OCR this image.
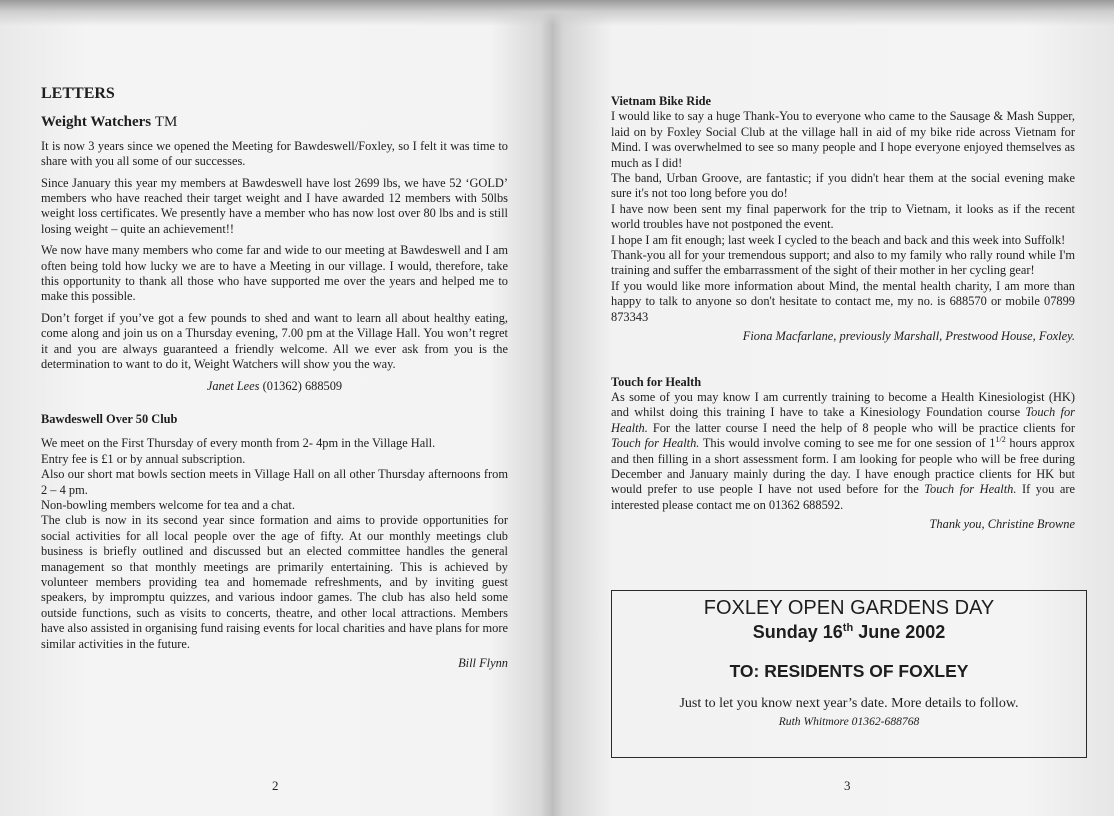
LETTERS
Weight Watchers TM

It is now 3 years since we opened the Meeting for Bawdeswell/Foxley, so I felt it was time to share with you all some of our successes.

Since January this year my members at Bawdeswell have lost 2699 lbs, we have 52 ‘GOLD’ members who have reached their target weight and I have awarded 12 members with 50lbs weight loss certificates. We presently have a member who has now lost over 80 lbs and is still losing weight – quite an achievement!!

We now have many members who come far and wide to our meeting at Bawdeswell and I am often being told how lucky we are to have a Meeting in our village. I would, therefore, take this opportunity to thank all those who have supported me over the years and helped me to make this possible.

Don’t forget if you’ve got a few pounds to shed and want to learn all about healthy eating, come along and join us on a Thursday evening, 7.00 pm at the Village Hall. You won’t regret it and you are always guaranteed a friendly welcome. All we ever ask from you is the determination to want to do it, Weight Watchers will show you the way.

Janet Lees (01362) 688509
Bawdeswell Over 50 Club
We meet on the First Thursday of every month from 2- 4pm in the Village Hall.
Entry fee is £1 or by annual subscription.
Also our short mat bowls section meets in Village Hall on all other Thursday afternoons from 2 – 4 pm.
Non-bowling members welcome for tea and a chat.
The club is now in its second year since formation and aims to provide opportunities for social activities for all local people over the age of fifty. At our monthly meetings club business is briefly outlined and discussed but an elected committee handles the general management so that monthly meetings are primarily entertaining. This is achieved by volunteer members providing tea and homemade refreshments, and by inviting guest speakers, by impromptu quizzes, and various indoor games. The club has also held some outside functions, such as visits to concerts, theatre, and other local attractions. Members have also assisted in organising fund raising events for local charities and have plans for more similar activities in the future.
Bill Flynn
2
Vietnam Bike Ride
I would like to say a huge Thank-You to everyone who came to the Sausage & Mash Supper, laid on by Foxley Social Club at the village hall in aid of my bike ride across Vietnam for Mind. I was overwhelmed to see so many people and I hope everyone enjoyed themselves as much as I did!
The band, Urban Groove, are fantastic; if you didn't hear them at the social evening make sure it's not too long before you do!
I have now been sent my final paperwork for the trip to Vietnam, it looks as if the recent world troubles have not postponed the event.
I hope I am fit enough; last week I cycled to the beach and back and this week into Suffolk!
Thank-you all for your tremendous support; and also to my family who rally round while I'm training and suffer the embarrassment of the sight of their mother in her cycling gear!
If you would like more information about Mind, the mental health charity, I am more than happy to talk to anyone so don't hesitate to contact me, my no. is 688570 or mobile 07899 873343
Fiona Macfarlane, previously Marshall, Prestwood House, Foxley.
Touch for Health
As some of you may know I am currently training to become a Health Kinesiologist (HK) and whilst doing this training I have to take a Kinesiology Foundation course Touch for Health. For the latter course I need the help of 8 people who will be practice clients for Touch for Health. This would involve coming to see me for one session of $1^{1/2}$ hours approx and then filling in a short assessment form. I am looking for people who will be free during December and January mainly during the day. I have enough practice clients for HK but would prefer to use people I have not used before for the Touch for Health. If you are interested please contact me on 01362 688592.
Thank you, Christine Browne
FOXLEY OPEN GARDENS DAY
Sunday 16th June 2002
TO: RESIDENTS OF FOXLEY
Just to let you know next year’s date. More details to follow.
Ruth Whitmore 01362-688768
3
